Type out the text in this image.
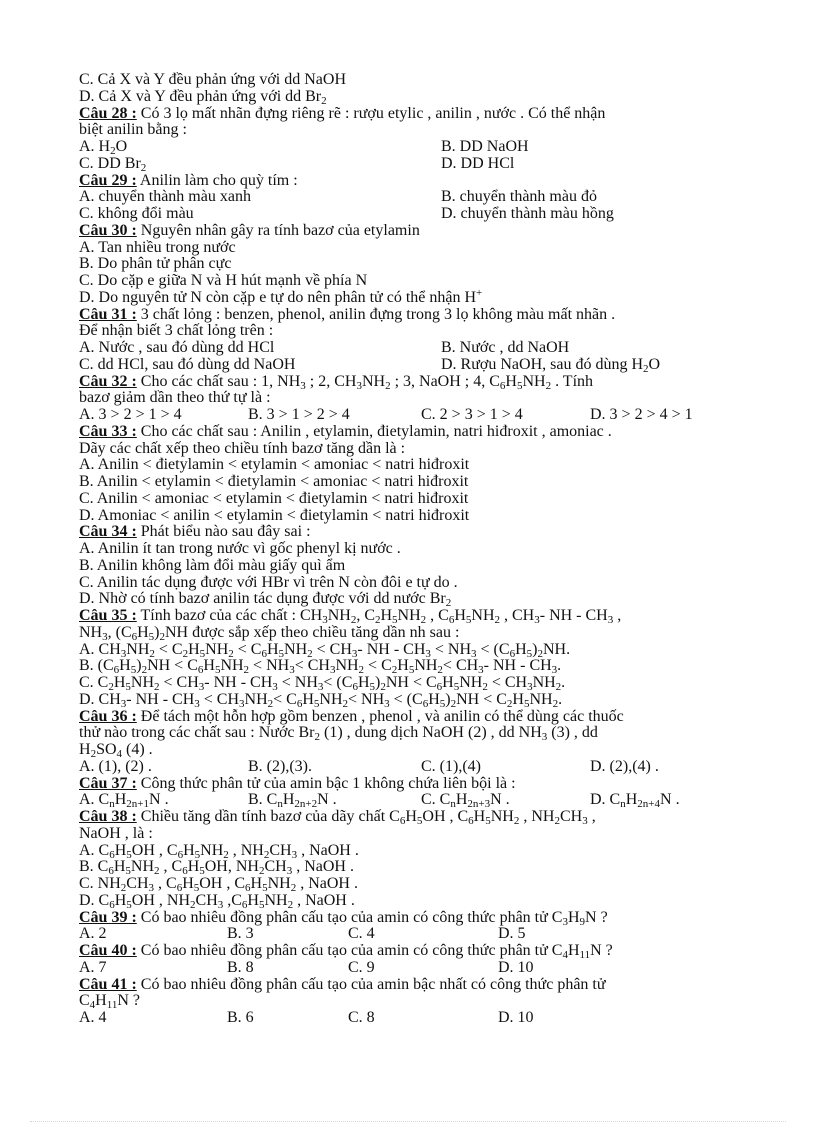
C. Cả X và Y đều phản ứng với dd NaOH
D. Cả X và Y đều phản ứng với dd $Br_2$
Câu 28 : Có 3 lọ mất nhãn đựng riêng rẽ : rượu etylic , anilin , nước . Có thể nhận
biệt anilin bằng :
A. $H_2O$	B. DD NaOH
C. DD $Br_2$	D. DD HCl
Câu 29 : Anilin làm cho quỳ tím :
A. chuyển thành màu xanh	B. chuyển thành màu đỏ
C. không đổi màu	D. chuyển thành màu hồng
Câu 30 : Nguyên nhân gây ra tính bazơ của etylamin
A. Tan nhiều trong nước
B. Do phân tử phân cực
C. Do cặp e giữa N và H hút mạnh về phía N
D. Do nguyên tử N còn cặp e tự do nên phân tử có thể nhận H+
Câu 31 : 3 chất lỏng : benzen, phenol, anilin đựng trong 3 lọ không màu mất nhãn .
Để nhận biết 3 chất lỏng trên :
A. Nước , sau đó dùng dd HCl	B. Nước , dd NaOH
C. dd HCl, sau đó dùng dd NaOH	D. Rượu NaOH, sau đó dùng $H_2O$
Câu 32 : Cho các chất sau : 1, $NH_3$ ; 2, $CH_3NH_2$ ; 3, NaOH ; 4, $C_6H_5NH_2$ . Tính
bazơ giảm dần theo thứ tự là :
A. 3 > 2 > 1 > 4	B. 3 > 1 > 2 > 4	C. 2 > 3 > 1 > 4	D. 3 > 2 > 4 > 1
Câu 33 : Cho các chất sau : Anilin , etylamin, đietylamin, natri hiđroxit , amoniac .
Dãy các chất xếp theo chiều tính bazơ tăng dần là :
A. Anilin < đietylamin < etylamin < amoniac < natri hiđroxit
B. Anilin < etylamin < đietylamin < amoniac < natri hiđroxit
C. Anilin < amoniac < etylamin < đietylamin < natri hiđroxit
D. Amoniac < anilin < etylamin < đietylamin < natri hiđroxit
Câu 34 : Phát biểu nào sau đây sai :
A. Anilin ít tan trong nước vì gốc phenyl kị nước .
B. Anilin không làm đổi màu giấy quì ẩm
C. Anilin tác dụng được với HBr vì trên N còn đôi e tự do .
D. Nhờ có tính bazơ anilin tác dụng được với dd nước $Br_2$
Câu 35 : Tính bazơ của các chất : $CH_3NH_2$, $C_2H_5NH_2$ , $C_6H_5NH_2$ , $CH_3-$ NH - $CH_3$ ,
$NH_3$, $(C_6H_5)_2NH$ được sắp xếp theo chiều tăng dần nh sau :
A. $CH_3NH_2 < C_2H_5NH_2 < C_6H_5NH_2 < CH_3-$ NH - $CH_3 < NH_3 < (C_6H_5)_2NH$.
B. $(C_6H_5)_2NH < C_6H_5NH_2 < NH_3< CH_3NH_2 < C_2H_5NH_2< CH_3-$ NH - $CH_3$.
C. $C_2H_5NH_2 < CH_3-$ NH - $CH_3 < NH_3< (C_6H_5)_2NH < C_6H_5NH_2 < CH_3NH_2$.
D. $CH_3-$ NH - $CH_3 < CH_3NH_2< C_6H_5NH_2< NH_3 < (C_6H_5)_2NH < C_2H_5NH_2$.
Câu 36 : Để tách một hỗn hợp gồm benzen , phenol , và anilin có thể dùng các thuốc
thử nào trong các chất sau : Nước $Br_2$ (1) , dung dịch NaOH (2) , dd $NH_3$ (3) , dd
$H_2SO_4$ (4) .
A. (1), (2) .	B. (2),(3).	C. (1),(4)	D. (2),(4) .
Câu 37 : Công thức phân tử của amin bậc 1 không chứa liên bội là :
A. $C_nH_{2n+1}N$ .	B. $C_nH_{2n+2}N$ .	C. $C_nH_{2n+3}N$ .	D. $C_nH_{2n+4}N$ .
Câu 38 : Chiều tăng dần tính bazơ của dãy chất $C_6H_5OH$ , $C_6H_5NH_2$ , $NH_2CH_3$ ,
NaOH , là :
A. $C_6H_5OH$ , $C_6H_5NH_2$ , $NH_2CH_3$ , NaOH .
B. $C_6H_5NH_2$ , $C_6H_5OH$, $NH_2CH_3$ , NaOH .
C. $NH_2CH_3$ , $C_6H_5OH$ , $C_6H_5NH_2$ , NaOH .
D. $C_6H_5OH$ , $NH_2CH_3$ $,C_6H_5NH_2$ , NaOH .
Câu 39 : Có bao nhiêu đồng phân cấu tạo của amin có công thức phân tử $C_3H_9N$ ?
A. 2	B. 3	C. 4	D. 5
Câu 40 : Có bao nhiêu đồng phân cấu tạo của amin có công thức phân tử $C_4H_{11}N$ ?
A. 7	B. 8	C. 9	D. 10
Câu 41 : Có bao nhiêu đồng phân cấu tạo của amin bậc nhất có công thức phân tử
$C_4H_{11}N$ ?
A. 4	B. 6	C. 8	D. 10
